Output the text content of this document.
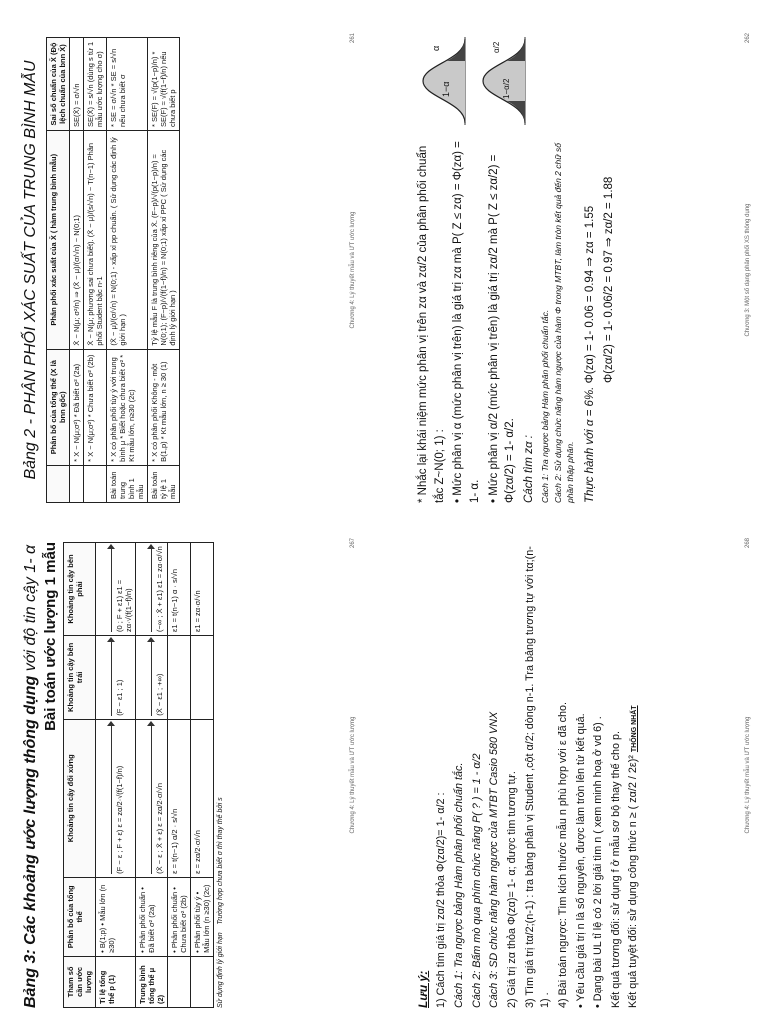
Bảng 2 - PHÂN PHỐI XÁC SUẤT CỦA TRUNG BÌNH MẪU
	Phân bố của tổng thể (X là bnn gốc)	Phân phối xác suất của X̄ ( hàm trung bình mẫu)	Sai số chuẩn của X̄ (Độ lệch chuẩn của bnn X̄)
	* X ~ N(μ;σ²) * Đã biết σ² (2a)	X̄ ~ N(μ; σ²/n) ⇒ (X̄ − μ)/(σ/√n) ~ N(0;1)	SE(X̄) = σ/√n
	* X ~ N(μ;σ²) * Chưa biết σ² (2b)	X̄ ~ N(μ; phương sai chưa biết). (X̄ − μ)/(s/√n) ~ T(n−1) Phân phối Student bậc n-1	SE(X̄) = s/√n (dùng s từ 1 mẫu ước lượng cho σ)
Bài toán trung bình 1 mẫu	* X có phân phối tùy ý với trung bình μ * Biết hoặc chưa biết σ² * Kt mẫu lớn, n≥30 (2c)	(X̄ − μ)/(σ/√n) ≈ N(0;1) - xấp xỉ pp chuẩn. ( Sử dụng các định lý giới hạn )	* SE = σ/√n * SE = s/√n nếu chưa biết σ
Bài toán tỷ lệ 1 mẫu	* X có phân phối Không - một B(1,p) * Kt mẫu lớn, n ≥ 30 (1)	Tỷ lệ mẫu F là trung bình riêng của X̄. (F−p)/√(p(1−p)/n) ≈ N(0;1); (F−p)/√(f(1−f)/n) ≈ N(0;1) xấp xỉ PPC ( Sử dụng các định lý giới hạn )	* SE(F) = √(p(1−p)/n) * SE(F) ≈ √(f(1−f)/n) nếu chưa biết p
Chương 4: Lý thuyết mẫu và ƯT ước lượng
261
1−α
α
1−α/2
α/2

* Nhắc lại khái niệm mức phân vị trên zα và zα/2 của phân phối chuẩn tắc Z~N(0; 1) : • Mức phân vị α (mức phân vị trên) là giá trị zα mà P( Z ≤ zα) = Φ(zα) = 1- α. • Mức phân vị α/2 (mức phân vị trên) là giá trị zα/2 mà P( Z ≤ zα/2) = Φ(zα/2) = 1- α/2. Cách tìm zα : Cách 1: Tra ngược bảng Hàm phân phối chuẩn tắc. Cách 2: Sử dụng chức năng hàm ngược của hàm Φ trong MTBT, làm tròn kết quả đến 2 chữ số phần thập phân. Thực hành với α = 6%. Φ(zα) = 1- 0.06 = 0.94 ⇒ zα = 1.55 Φ(zα/2) = 1- 0.06/2 = 0.97 ⇒ zα/2 = 1.88	Chương 3: Một số dạng phân phối XS thông dụng
262
Bảng 3: Các khoảng ước lượng thông dụng với độ tin cậy 1- α Bài toán ước lượng 1 mẫu
Tham số cần ước lượng	Phân bố của tổng thể	Khoảng tin cậy đối xứng	Khoảng tin cậy bên trái	Khoảng tin cậy bên phải
Tỉ lệ tổng thể p (1)	• B(1;p) • Mẫu lớn (n ≥30)	(F − ε ; F + ε) ε = zα/2·√(f(1−f)/n)	(F − ε1 ; 1)	(0 ; F + ε1) ε1 = zα·√(f(1−f)/n)
Trung bình tổng thể μ (2)	• Phân phối chuẩn • Đã biết σ² (2a)	(X̄ − ε ; X̄ + ε) ε = zα/2·σ/√n	(X̄ − ε1 ; +∞)	(−∞ ; X̄ + ε1) ε1 = zα·σ/√n
	• Phân phối chuẩn • Chưa biết σ² (2b)	ε = t(n−1) α/2 · s/√n		ε1 = t(n−1) α · s/√n
	• Phân phối tùy ý • Mẫu lớn (n ≥30) (2c)	ε = zα/2·σ/√n		ε1 = zα·σ/√n
Sử dụng định lý giới hạn    Trường hợp chưa biết σ thì thay thế bởi s
Chương 4: Lý thuyết mẫu và ƯT ước lượng
267

Lưu ý: 1) Cách tìm giá trị zα/2 thỏa Φ(zα/2)= 1- α/2 : Cách 1: Tra ngược bảng Hàm phân phối chuẩn tắc. Cách 2: Bấm mò qua phím chức năng P( ? ) = 1 - α/2 Cách 3: SD chức năng hàm ngược của MTBT Casio 580 VNX 2) Giá trị zα thỏa Φ(zα)= 1- α; được tìm tương tự. 3) Tìm giá trị tα/2;(n-1) : tra bảng phân vị Student ,cột α/2; dòng n-1. Tra bảng tương tự với tα;(n-1) . 4) Bài toán ngược: Tìm kích thước mẫu n phù hợp với ε đã cho. • Yêu cầu giá trị n là số nguyên, được làm tròn lên từ kết quả. • Dạng bài UL tỉ lệ có 2 lời giải tìm n ( xem minh hoạ ở vd 6) . Kết quả tương đối: sử dụng f ở mẫu sơ bộ thay thế cho p. Kết quả tuyệt đối: sử dụng công thức n ≥ ( zα/2 / 2ε)² THỐNG NHẤT	Chương 4: Lý thuyết mẫu và ƯT ước lượng
268
